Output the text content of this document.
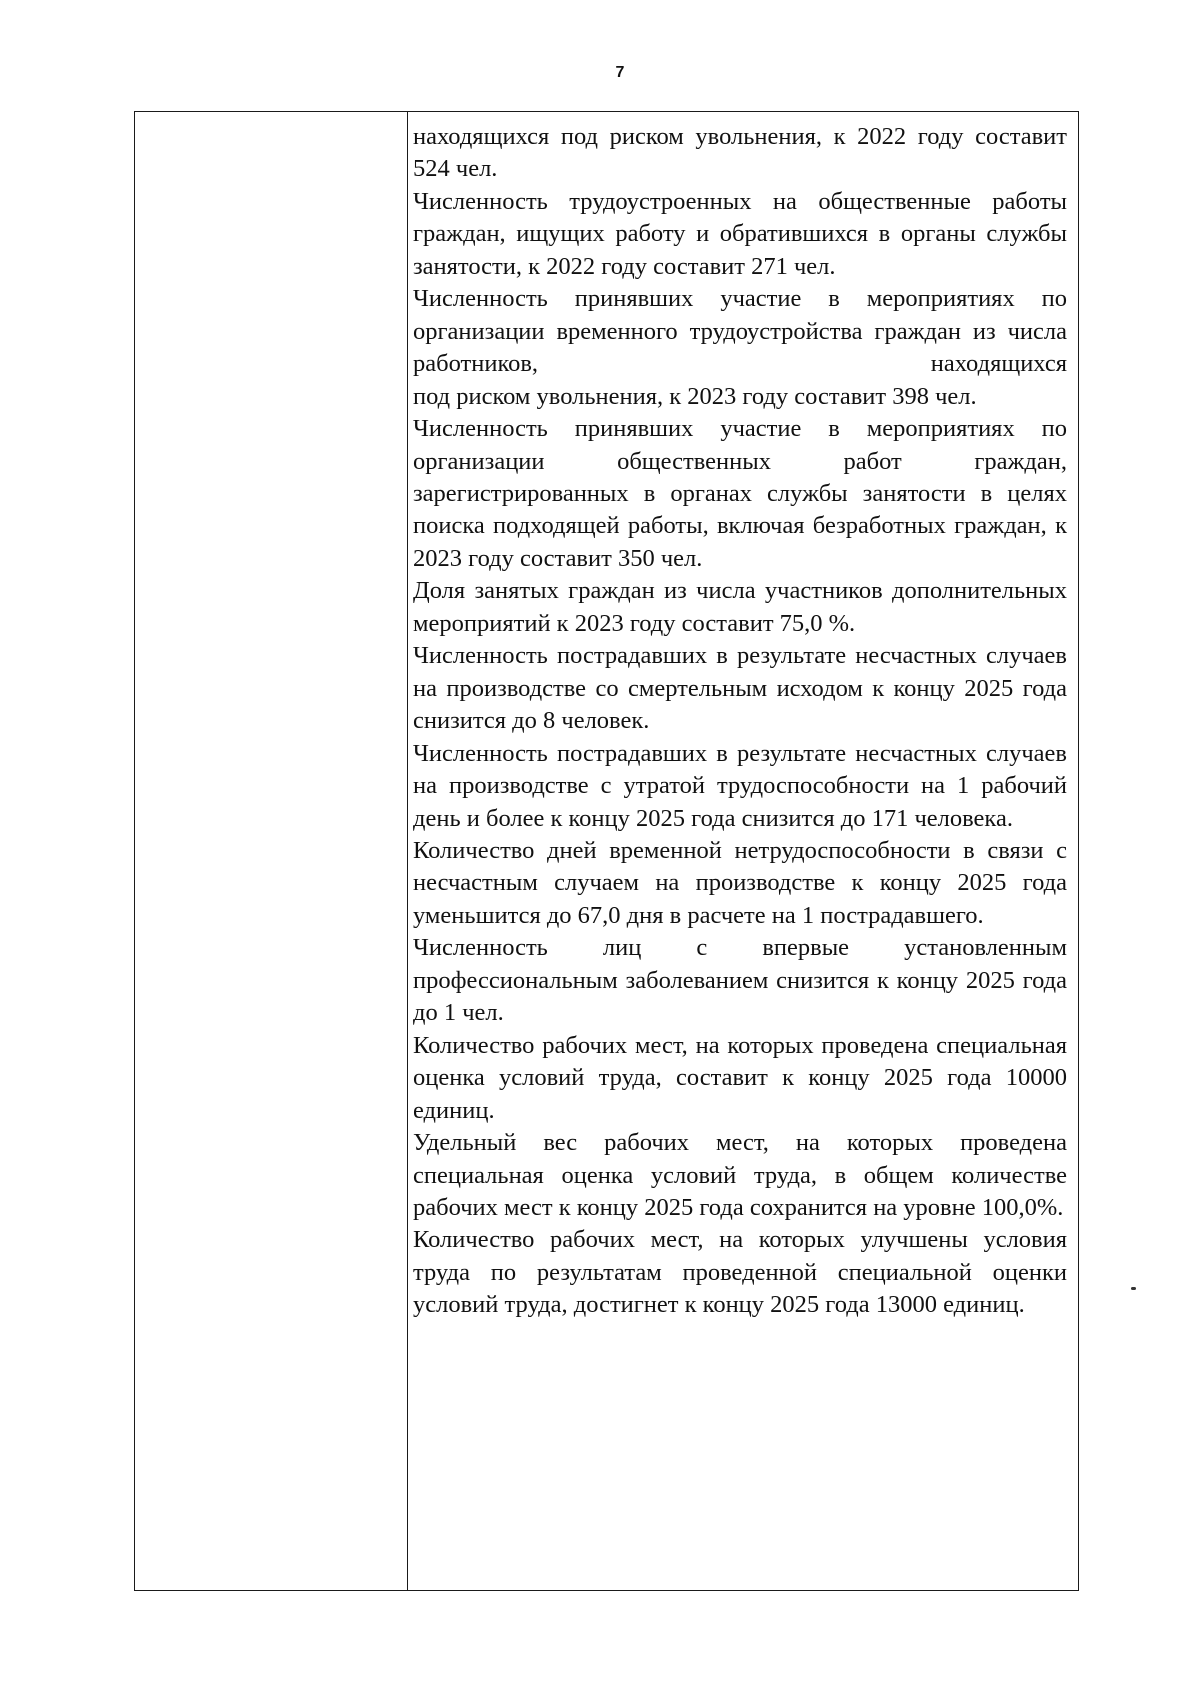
7

находящихся под риском увольнения, к 2022 году составит 524 чел.

Численность трудоустроенных на общественные работы граждан, ищущих работу и обратившихся в органы службы занятости, к 2022 году составит 271 чел.

Численность принявших участие в мероприятиях по организации временного трудоустройства граждан из числа работников, находящихся

под риском увольнения, к 2023 году составит 398 чел.

Численность принявших участие в мероприятиях по организации общественных работ граждан, зарегистрированных в органах службы занятости в целях поиска подходящей работы, включая безработных граждан, к 2023 году составит 350 чел.

Доля занятых граждан из числа участников дополнительных мероприятий к 2023 году составит 75,0 %.

Численность пострадавших в результате несчастных случаев на производстве со смертельным исходом к концу 2025 года снизится до 8 человек.

Численность пострадавших в результате несчастных случаев на производстве с утратой трудоспособности на 1 рабочий день и более к концу 2025 года снизится до 171 человека.

Количество дней временной нетрудоспособности в связи с несчастным случаем на производстве к концу 2025 года уменьшится до 67,0 дня в расчете на 1 пострадавшего.

Численность лиц с впервые установленным профессиональным заболеванием снизится к концу 2025 года до 1 чел.

Количество рабочих мест, на которых проведена специальная оценка условий труда, составит к концу 2025 года 10000 единиц.

Удельный вес рабочих мест, на которых проведена специальная оценка условий труда, в общем количестве рабочих мест к концу 2025 года сохранится на уровне 100,0%.

Количество рабочих мест, на которых улучшены условия труда по результатам проведенной специальной оценки условий труда, достигнет к концу 2025 года 13000 единиц.
